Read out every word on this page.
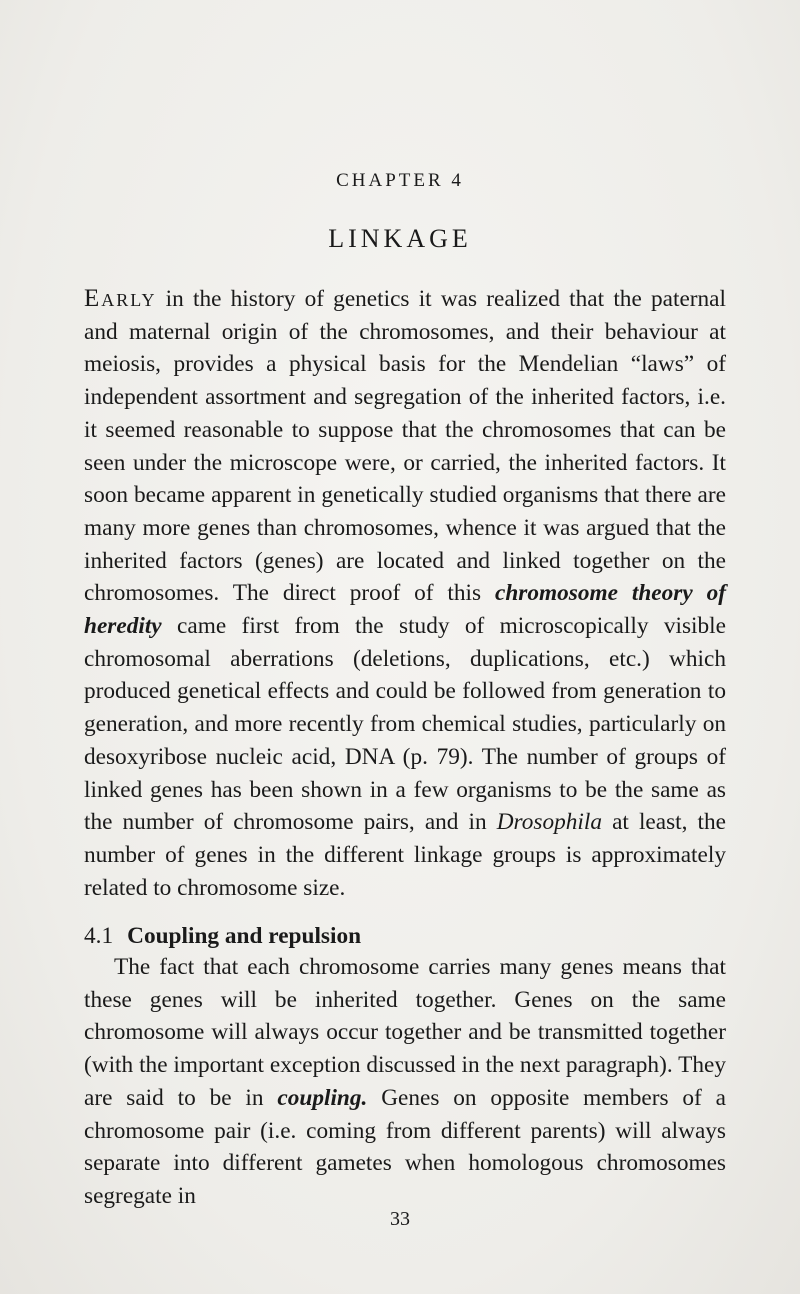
CHAPTER 4
LINKAGE

Early in the history of genetics it was realized that the paternal and maternal origin of the chromosomes, and their behaviour at meiosis, provides a physical basis for the Mendelian “laws” of independent assortment and segregation of the inherited factors, i.e. it seemed reasonable to suppose that the chromosomes that can be seen under the microscope were, or carried, the inherited factors. It soon became apparent in genetically studied organisms that there are many more genes than chromosomes, whence it was argued that the inherited factors (genes) are located and linked together on the chromosomes. The direct proof of this chromosome theory of heredity came first from the study of microscopically visible chromosomal aberrations (deletions, duplications, etc.) which produced genetical effects and could be followed from generation to generation, and more recently from chemical studies, particularly on desoxyribose nucleic acid, DNA (p. 79). The number of groups of linked genes has been shown in a few organisms to be the same as the number of chromosome pairs, and in Drosophila at least, the number of genes in the different linkage groups is approximately related to chromosome size.

4.1 Coupling and repulsion

The fact that each chromosome carries many genes means that these genes will be inherited together. Genes on the same chromosome will always occur together and be transmitted together (with the important exception discussed in the next paragraph). They are said to be in coupling. Genes on opposite members of a chromosome pair (i.e. coming from different parents) will always separate into different gametes when homologous chromosomes segregate in

33
